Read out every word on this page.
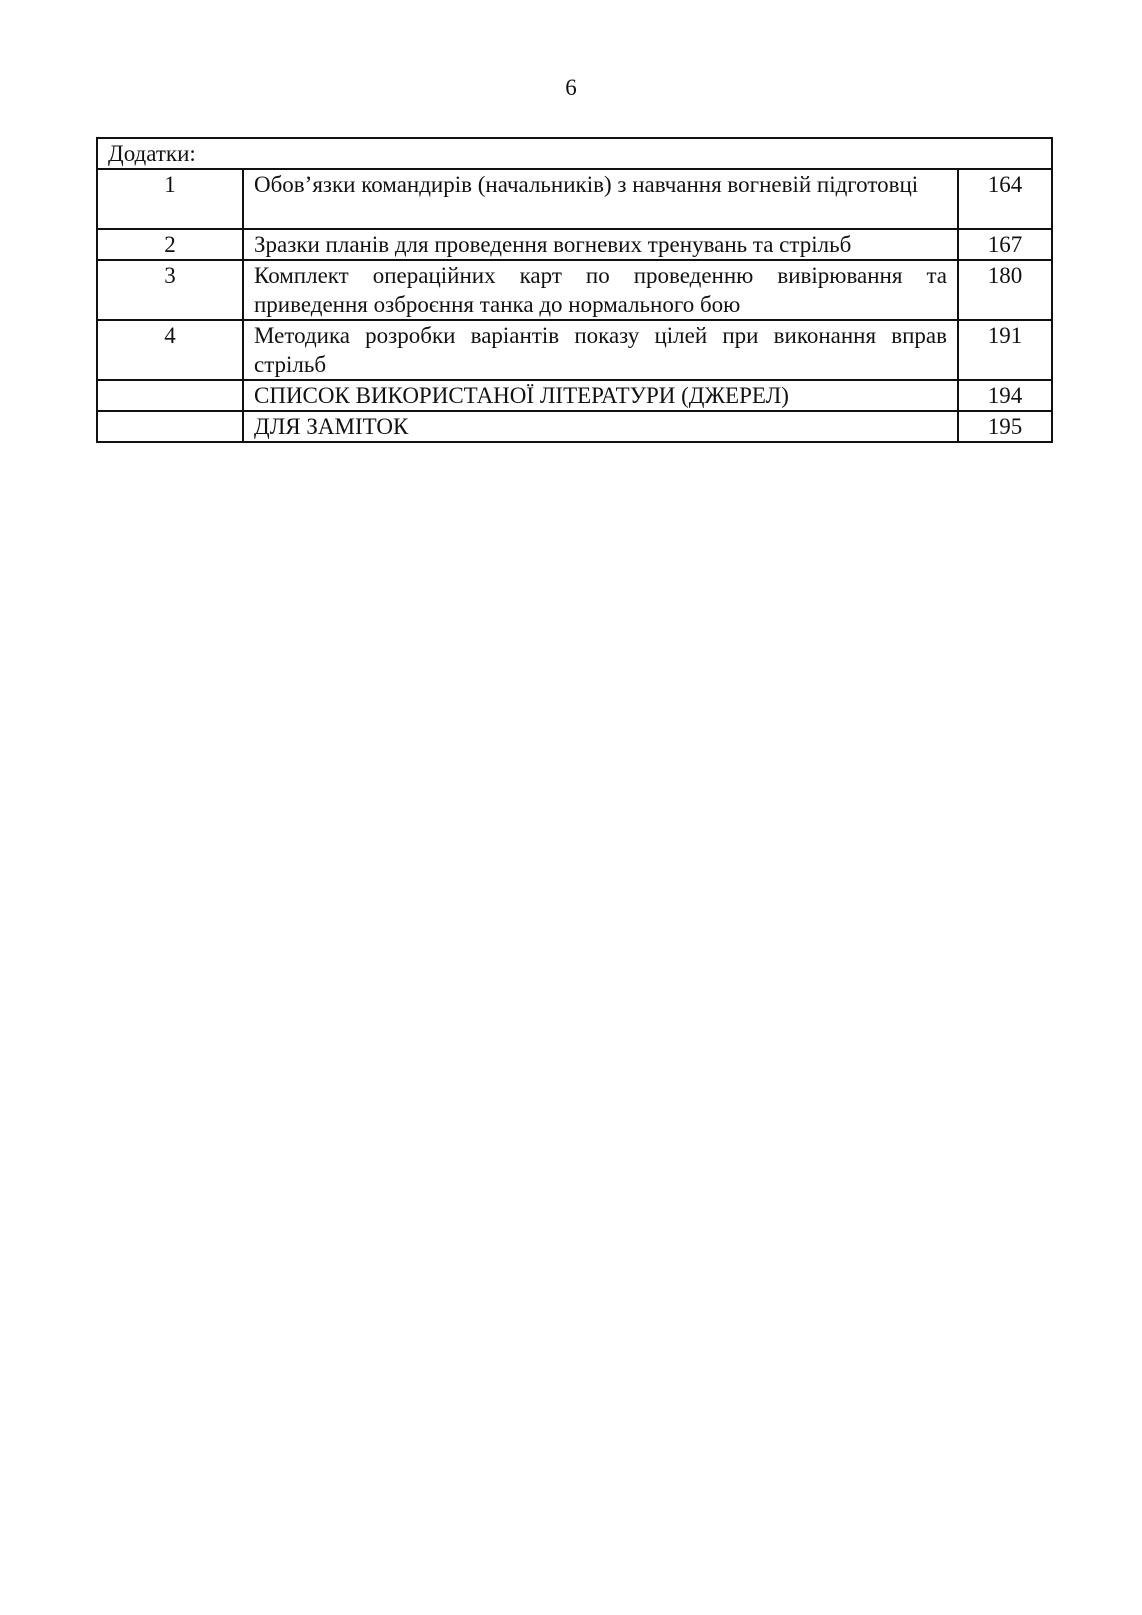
6
Додатки:		
1	Обов’язки командирів (начальників) з навчання вогневій підготовці	164
2	Зразки планів для проведення вогневих тренувань та стрільб	167
3	Комплект операційних карт по проведенню вивірювання та приведення озброєння танка до нормального бою	180
4	Методика розробки варіантів показу цілей при виконання вправ стрільб	191
	СПИСОК ВИКОРИСТАНОЇ ЛІТЕРАТУРИ (ДЖЕРЕЛ)	194
	ДЛЯ ЗАМІТОК	195
